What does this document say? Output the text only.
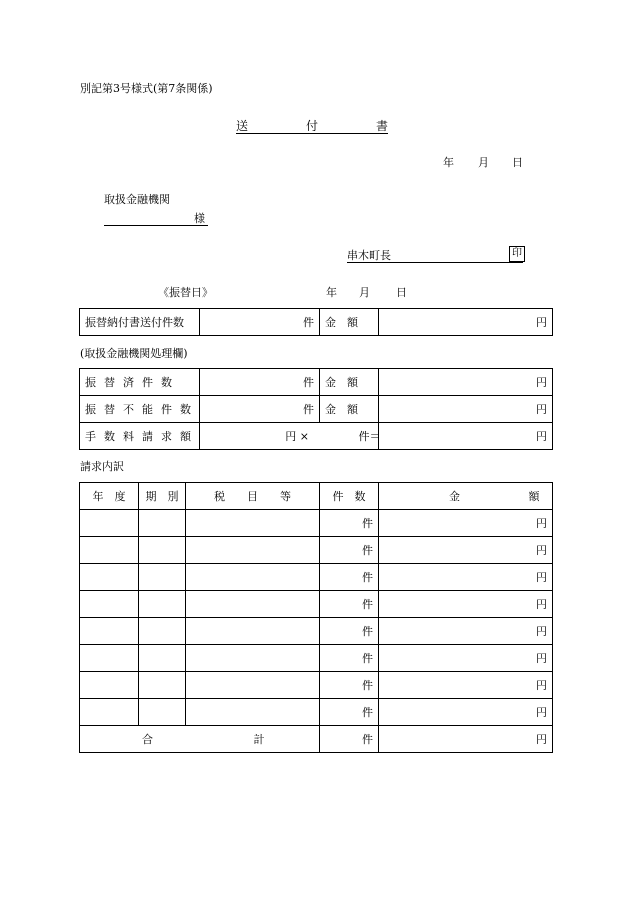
別記第3号様式(第7条関係)
送	付	書
年 月 日
取扱金融機関
様
串木町長	印
《振替日》	年 月 日
振替納付書送付件数	件	金　額	円
(取扱金融機関処理欄)
振替済件数	件	金　額	円
振替不能件数	件	金　額	円
手数料請求額	円 × 件＝		円
請求内訳
年　度	期　別	税　　目　　等	件　数	金 額
			件	円
			件	円
			件	円
			件	円
			件	円
			件	円
			件	円
			件	円
合 計			件	円
